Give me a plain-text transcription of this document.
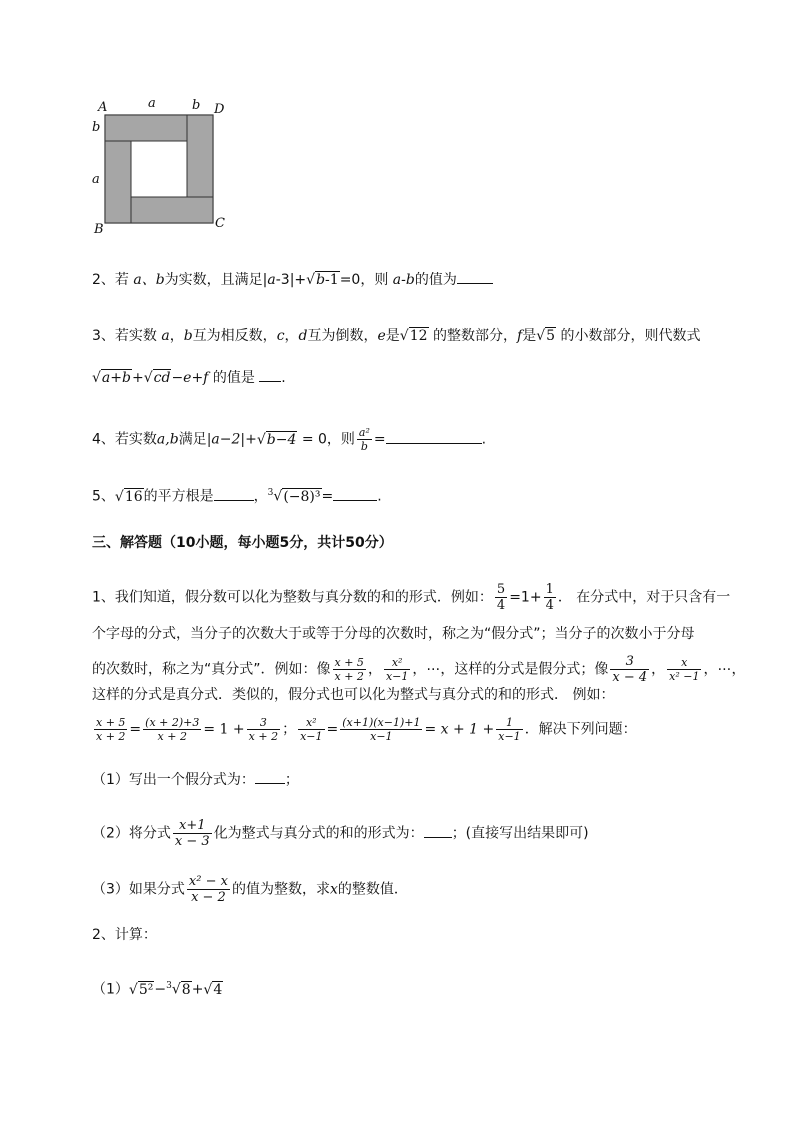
A	a	b D
b
a
B	C
2、若 a、b为实数，且满足|a-3|+√b-1=0，则 a-b的值为
3、若实数 a，b互为相反数，c，d互为倒数，e是√12 的整数部分，f是√5 的小数部分，则代数式
√a+b+√cd−e+f 的值是 .
4、若实数a,b满足|a−2|+√b−4 = 0，则 $\frac{\text{a²}}{b}$ =	.
5、√16的平方根是	，$^3$√(−8)³=	.
三、解答题（10小题，每小题5分，共计50分）
1、我们知道，假分数可以化为整数与真分数的和的形式．例如： $\frac{5}{4} =1+ \frac{1}{4}$ ． 在分式中，对于只含有一
个字母的分式，当分子的次数大于或等于分母的次数时，称之为“假分式”；当分子的次数小于分母
的次数时，称之为“真分式”．例如：像 $\frac{x + 5}{x + 2}$ ， $\frac{\text{x²}}{x-1}$ ，⋯，这样的分式是假分式；像 $\frac{3}{x - 4}$ ， $\frac{x}{\text{x² −1}}$ ，⋯，
这样的分式是真分式．类似的，假分式也可以化为整式与真分式的和的形式． 例如：
$\frac{x + 5}{x + 2} = \frac{(x + 2)+3}{x + 2} = 1 + \frac{3}{x + 2}$ ； $\frac{\text{x²}}{x-1} = \frac{(x+1)(x-1)+1}{x-1} = x + 1 + \frac{1}{x-1}$ ．解决下列问题：
（1）写出一个假分式为： ；
（2）将分式 $\frac{x+1}{x - 3}$ 化为整式与真分式的和的形式为： ；(直接写出结果即可)
（3）如果分式 $\frac{\text{x² − x}}{x - 2}$ 的值为整数，求x的整数值．
2、计算：
（1）√5²−$^3$√8+√4
